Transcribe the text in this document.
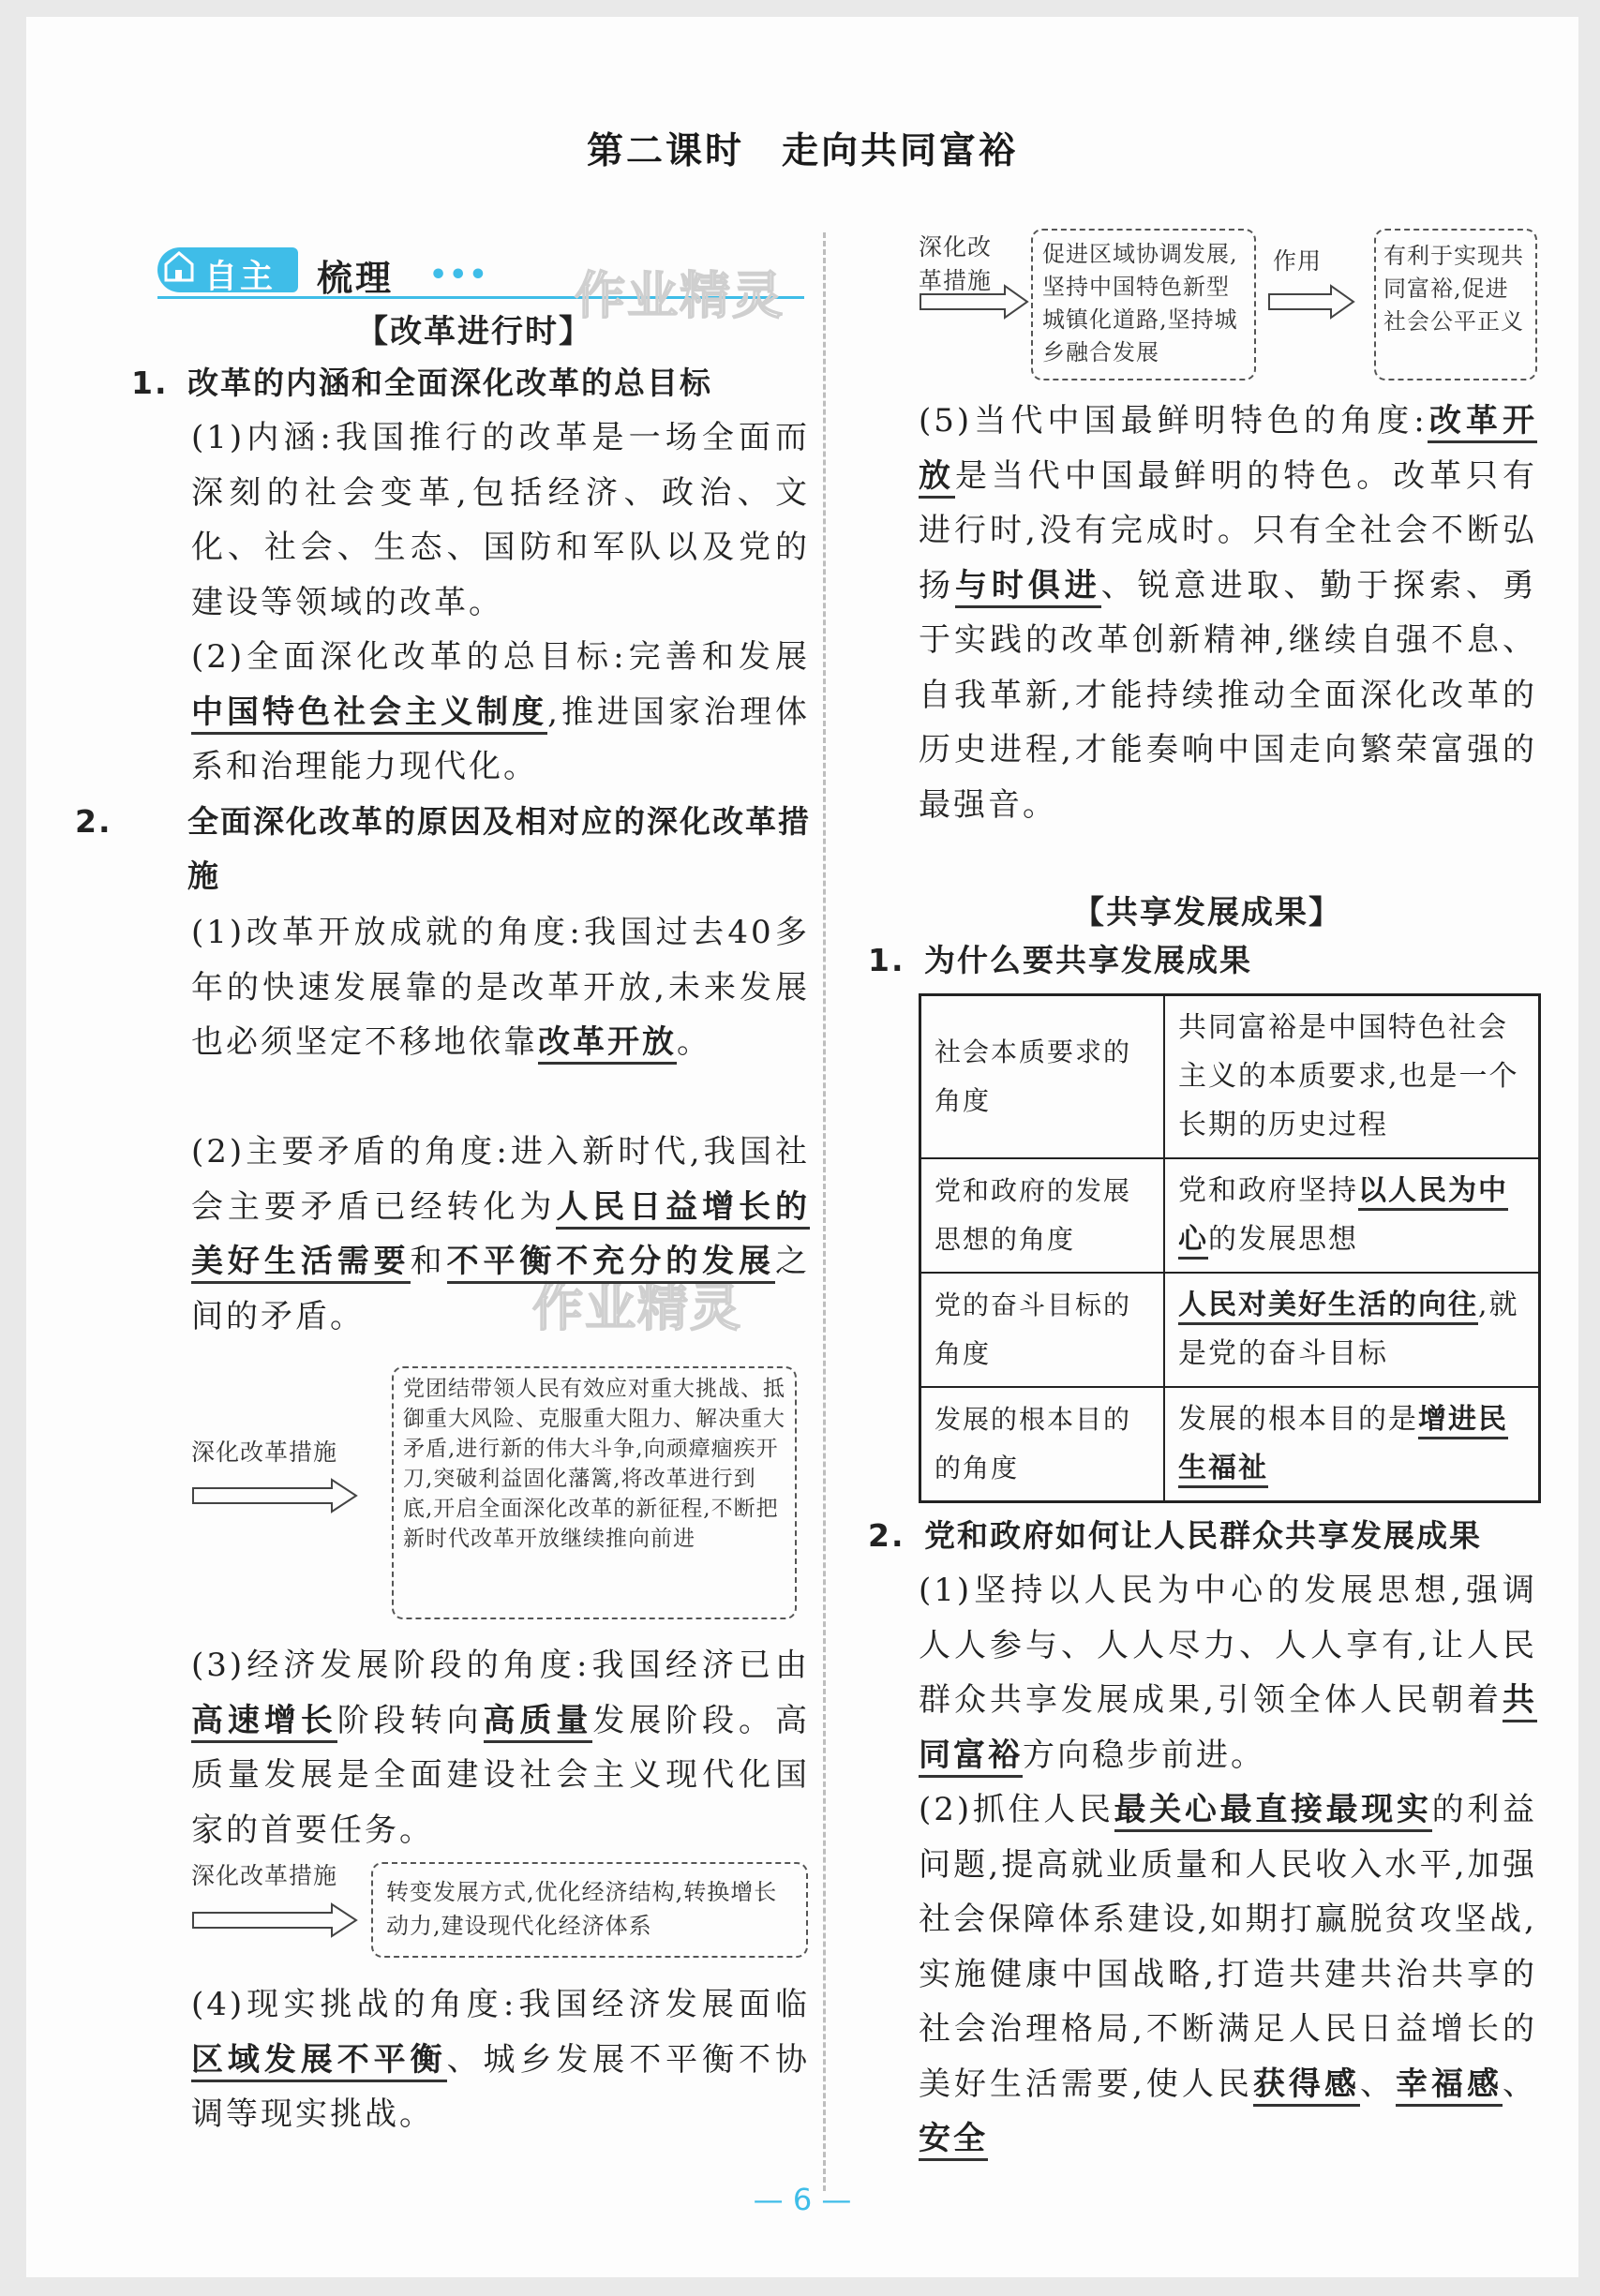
第二课时 走向共同富裕
自主 梳理 ••• 作业精灵
作业精灵
【改革进行时】
1. 改革的内涵和全面深化改革的总目标
(1)内涵:我国推行的改革是一场全面而深刻的社会变革,包括经济、政治、文化、社会、生态、国防和军队以及党的建设等领域的改革。
(2)全面深化改革的总目标:完善和发展中国特色社会主义制度,推进国家治理体系和治理能力现代化。
2. 全面深化改革的原因及相对应的深化改革措施
(1)改革开放成就的角度:我国过去40多年的快速发展靠的是改革开放,未来发展也必须坚定不移地依靠改革开放。
(2)主要矛盾的角度:进入新时代,我国社会主要矛盾已经转化为人民日益增长的美好生活需要和不平衡不充分的发展之间的矛盾。
深化改革措施
党团结带领人民有效应对重大挑战、抵御重大风险、克服重大阻力、解决重大矛盾,进行新的伟大斗争,向顽瘴痼疾开刀,突破利益固化藩篱,将改革进行到底,开启全面深化改革的新征程,不断把新时代改革开放继续推向前进
(3)经济发展阶段的角度:我国经济已由高速增长阶段转向高质量发展阶段。高质量发展是全面建设社会主义现代化国家的首要任务。
深化改革措施
转变发展方式,优化经济结构,转换增长动力,建设现代化经济体系
(4)现实挑战的角度:我国经济发展面临区域发展不平衡、城乡发展不平衡不协调等现实挑战。
深化改革措施
促进区域协调发展,坚持中国特色新型城镇化道路,坚持城乡融合发展
作用	有利于实现共同富裕,促进社会公平正义
(5)当代中国最鲜明特色的角度:改革开放是当代中国最鲜明的特色。改革只有进行时,没有完成时。只有全社会不断弘扬与时俱进、锐意进取、勤于探索、勇于实践的改革创新精神,继续自强不息、自我革新,才能持续推动全面深化改革的历史进程,才能奏响中国走向繁荣富强的最强音。
【共享发展成果】
1. 为什么要共享发展成果
社会本质要求的角度	共同富裕是中国特色社会主义的本质要求,也是一个长期的历史过程
党和政府的发展思想的角度	党和政府坚持以人民为中心的发展思想
党的奋斗目标的角度	人民对美好生活的向往,就是党的奋斗目标
发展的根本目的的角度	发展的根本目的是增进民生福祉
2. 党和政府如何让人民群众共享发展成果
(1)坚持以人民为中心的发展思想,强调人人参与、人人尽力、人人享有,让人民群众共享发展成果,引领全体人民朝着共同富裕方向稳步前进。
(2)抓住人民最关心最直接最现实的利益问题,提高就业质量和人民收入水平,加强社会保障体系建设,如期打赢脱贫攻坚战,实施健康中国战略,打造共建共治共享的社会治理格局,不断满足人民日益增长的美好生活需要,使人民获得感、幸福感、安全
— 6 —
